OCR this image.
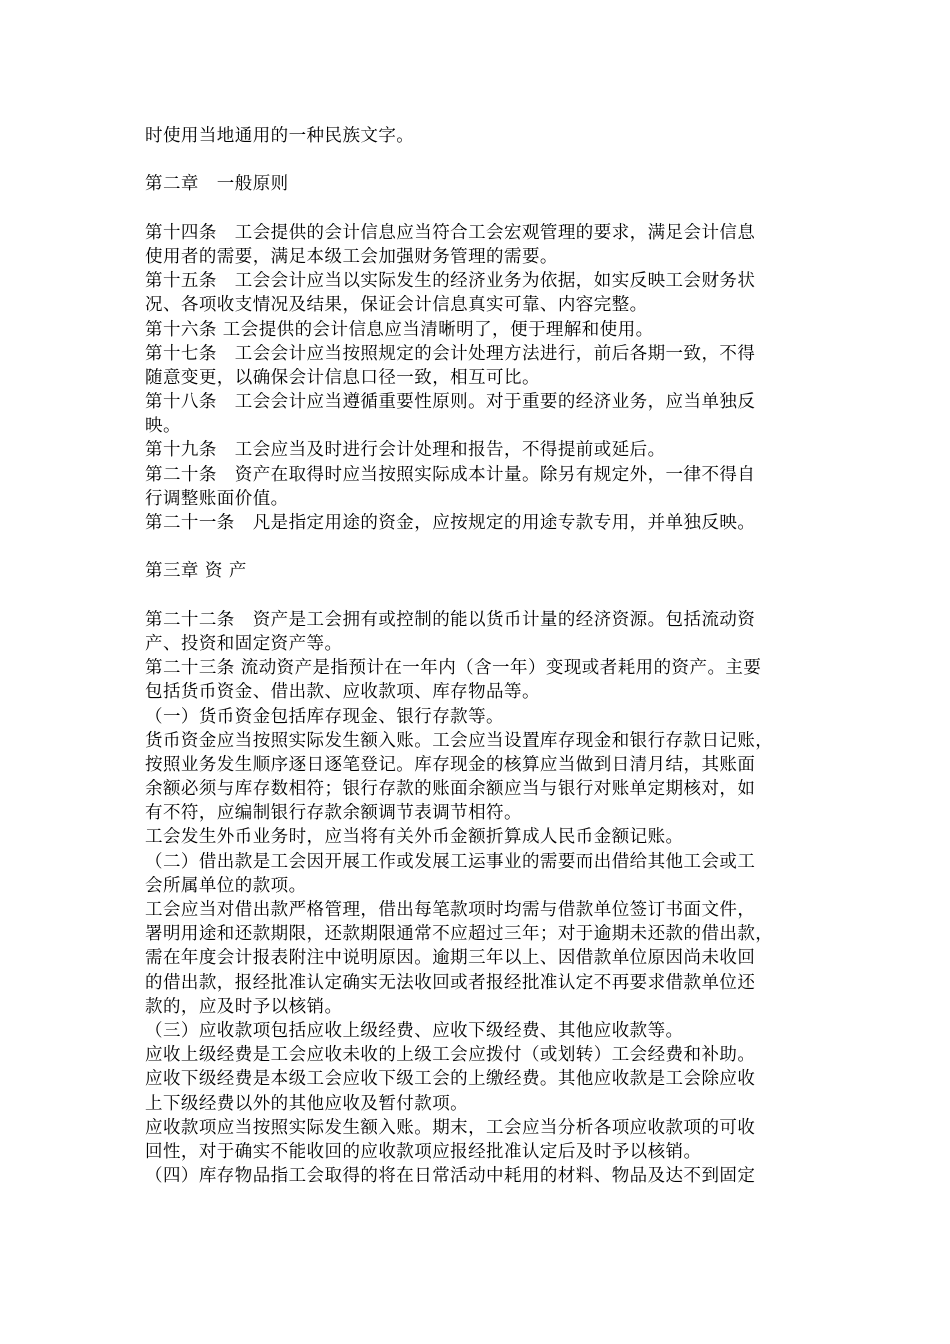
时使用当地通用的一种民族文字。
第二章　一般原则
第十四条　工会提供的会计信息应当符合工会宏观管理的要求，满足会计信息
使用者的需要，满足本级工会加强财务管理的需要。
第十五条　工会会计应当以实际发生的经济业务为依据，如实反映工会财务状
况、各项收支情况及结果，保证会计信息真实可靠、内容完整。
第十六条 工会提供的会计信息应当清晰明了，便于理解和使用。
第十七条　工会会计应当按照规定的会计处理方法进行，前后各期一致，不得
随意变更，以确保会计信息口径一致，相互可比。
第十八条　工会会计应当遵循重要性原则。对于重要的经济业务，应当单独反
映。
第十九条　工会应当及时进行会计处理和报告，不得提前或延后。
第二十条　资产在取得时应当按照实际成本计量。除另有规定外，一律不得自
行调整账面价值。
第二十一条　凡是指定用途的资金，应按规定的用途专款专用，并单独反映。
第三章 资 产
第二十二条　资产是工会拥有或控制的能以货币计量的经济资源。包括流动资
产、投资和固定资产等。
第二十三条 流动资产是指预计在一年内（含一年）变现或者耗用的资产。主要
包括货币资金、借出款、应收款项、库存物品等。
（一）货币资金包括库存现金、银行存款等。
货币资金应当按照实际发生额入账。工会应当设置库存现金和银行存款日记账，
按照业务发生顺序逐日逐笔登记。库存现金的核算应当做到日清月结，其账面
余额必须与库存数相符；银行存款的账面余额应当与银行对账单定期核对，如
有不符，应编制银行存款余额调节表调节相符。
工会发生外币业务时，应当将有关外币金额折算成人民币金额记账。
（二）借出款是工会因开展工作或发展工运事业的需要而出借给其他工会或工
会所属单位的款项。
工会应当对借出款严格管理，借出每笔款项时均需与借款单位签订书面文件，
署明用途和还款期限，还款期限通常不应超过三年；对于逾期未还款的借出款，
需在年度会计报表附注中说明原因。逾期三年以上、因借款单位原因尚未收回
的借出款，报经批准认定确实无法收回或者报经批准认定不再要求借款单位还
款的，应及时予以核销。
（三）应收款项包括应收上级经费、应收下级经费、其他应收款等。
应收上级经费是工会应收未收的上级工会应拨付（或划转）工会经费和补助。
应收下级经费是本级工会应收下级工会的上缴经费。其他应收款是工会除应收
上下级经费以外的其他应收及暂付款项。
应收款项应当按照实际发生额入账。期末，工会应当分析各项应收款项的可收
回性，对于确实不能收回的应收款项应报经批准认定后及时予以核销。
（四）库存物品指工会取得的将在日常活动中耗用的材料、物品及达不到固定
